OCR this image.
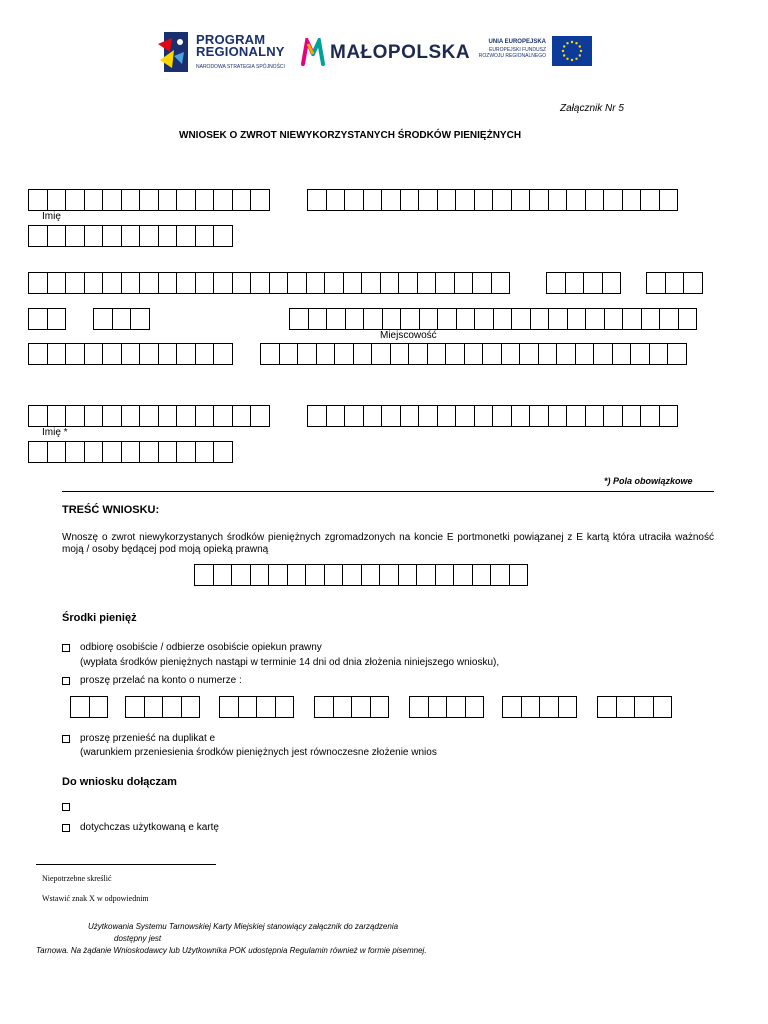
PROGRAM
REGIONALNY
NARODOWA STRATEGIA SPÓJNOŚCI
MAŁOPOLSKA	UNIA EUROPEJSKA
EUROPEJSKI FUNDUSZ
ROZWOJU REGIONALNEGO
Załącznik Nr 5
WNIOSEK O ZWROT NIEWYKORZYSTANYCH ŚRODKÓW PIENIĘŻNYCH
Imię
Miejscowość
Imię *
*) Pola obowiązkowe
TREŚĆ WNIOSKU:
Wnoszę o zwrot niewykorzystanych środków pieniężnych zgromadzonych na koncie E portmonetki powiązanej z E kartą która utraciła ważność moją / osoby będącej pod moją opieką prawną
Środki pienięż
odbiorę osobiście / odbierze osobiście opiekun prawny
(wypłata środków pieniężnych nastąpi w terminie 14 dni od dnia złożenia niniejszego wniosku),
proszę przelać na konto o numerze :
proszę przenieść na duplikat e
(warunkiem przeniesienia środków pieniężnych jest równoczesne złożenie wnios
Do wniosku dołączam
dotychczas użytkowaną e kartę
Niepotrzebne skreślić
Wstawić znak X w odpowiednim
Użytkowania Systemu Tarnowskiej Karty Miejskiej stanowiący załącznik do zarządzenia
dostępny jest
Tarnowa. Na żądanie Wnioskodawcy lub Użytkownika POK udostępnia Regulamin również w formie pisemnej.
